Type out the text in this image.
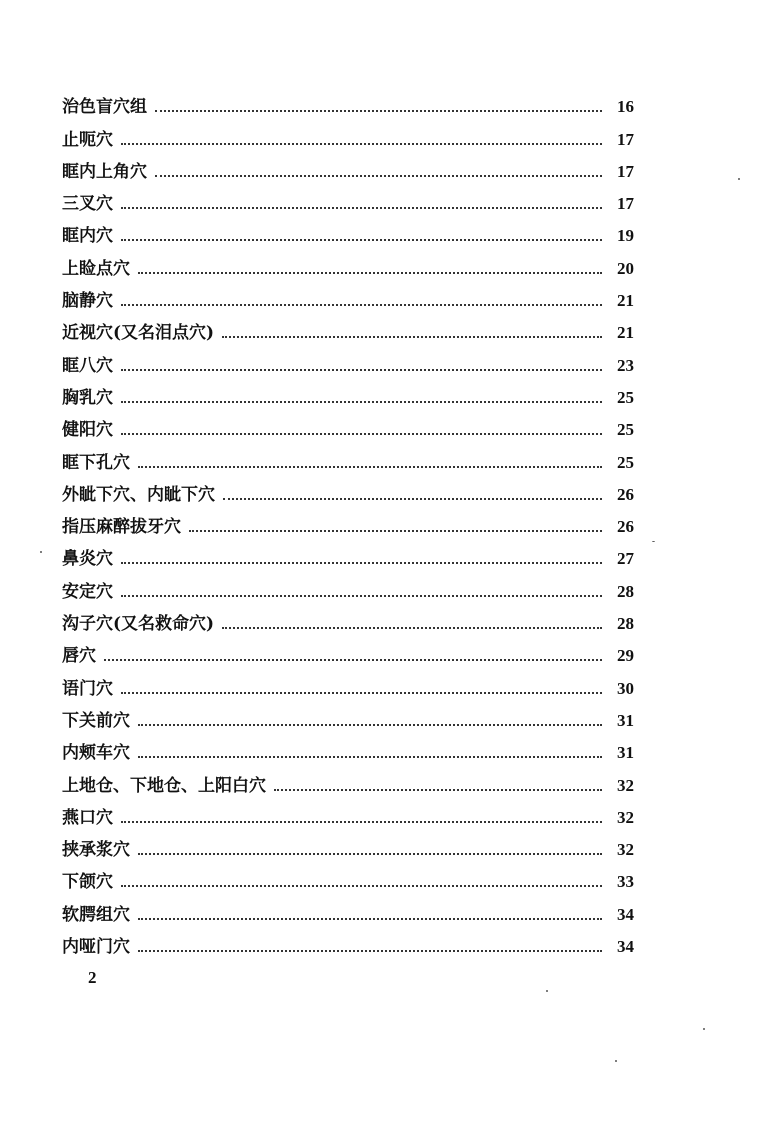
治色盲穴组	16
止呃穴	17
眶内上角穴	17
三叉穴	17
眶内穴	19
上睑点穴	20
脑静穴	21
近视穴(又名泪点穴)	21
眶八穴	23
胸乳穴	25
健阳穴	25
眶下孔穴	25
外眦下穴、内眦下穴	26
指压麻醉拔牙穴	26
鼻炎穴	27
安定穴	28
沟子穴(又名救命穴)	28
唇穴	29
语门穴	30
下关前穴	31
内颊车穴	31
上地仓、下地仓、上阳白穴	32
燕口穴	32
挟承浆穴	32
下颌穴	33
软腭组穴	34
内哑门穴	34
2
